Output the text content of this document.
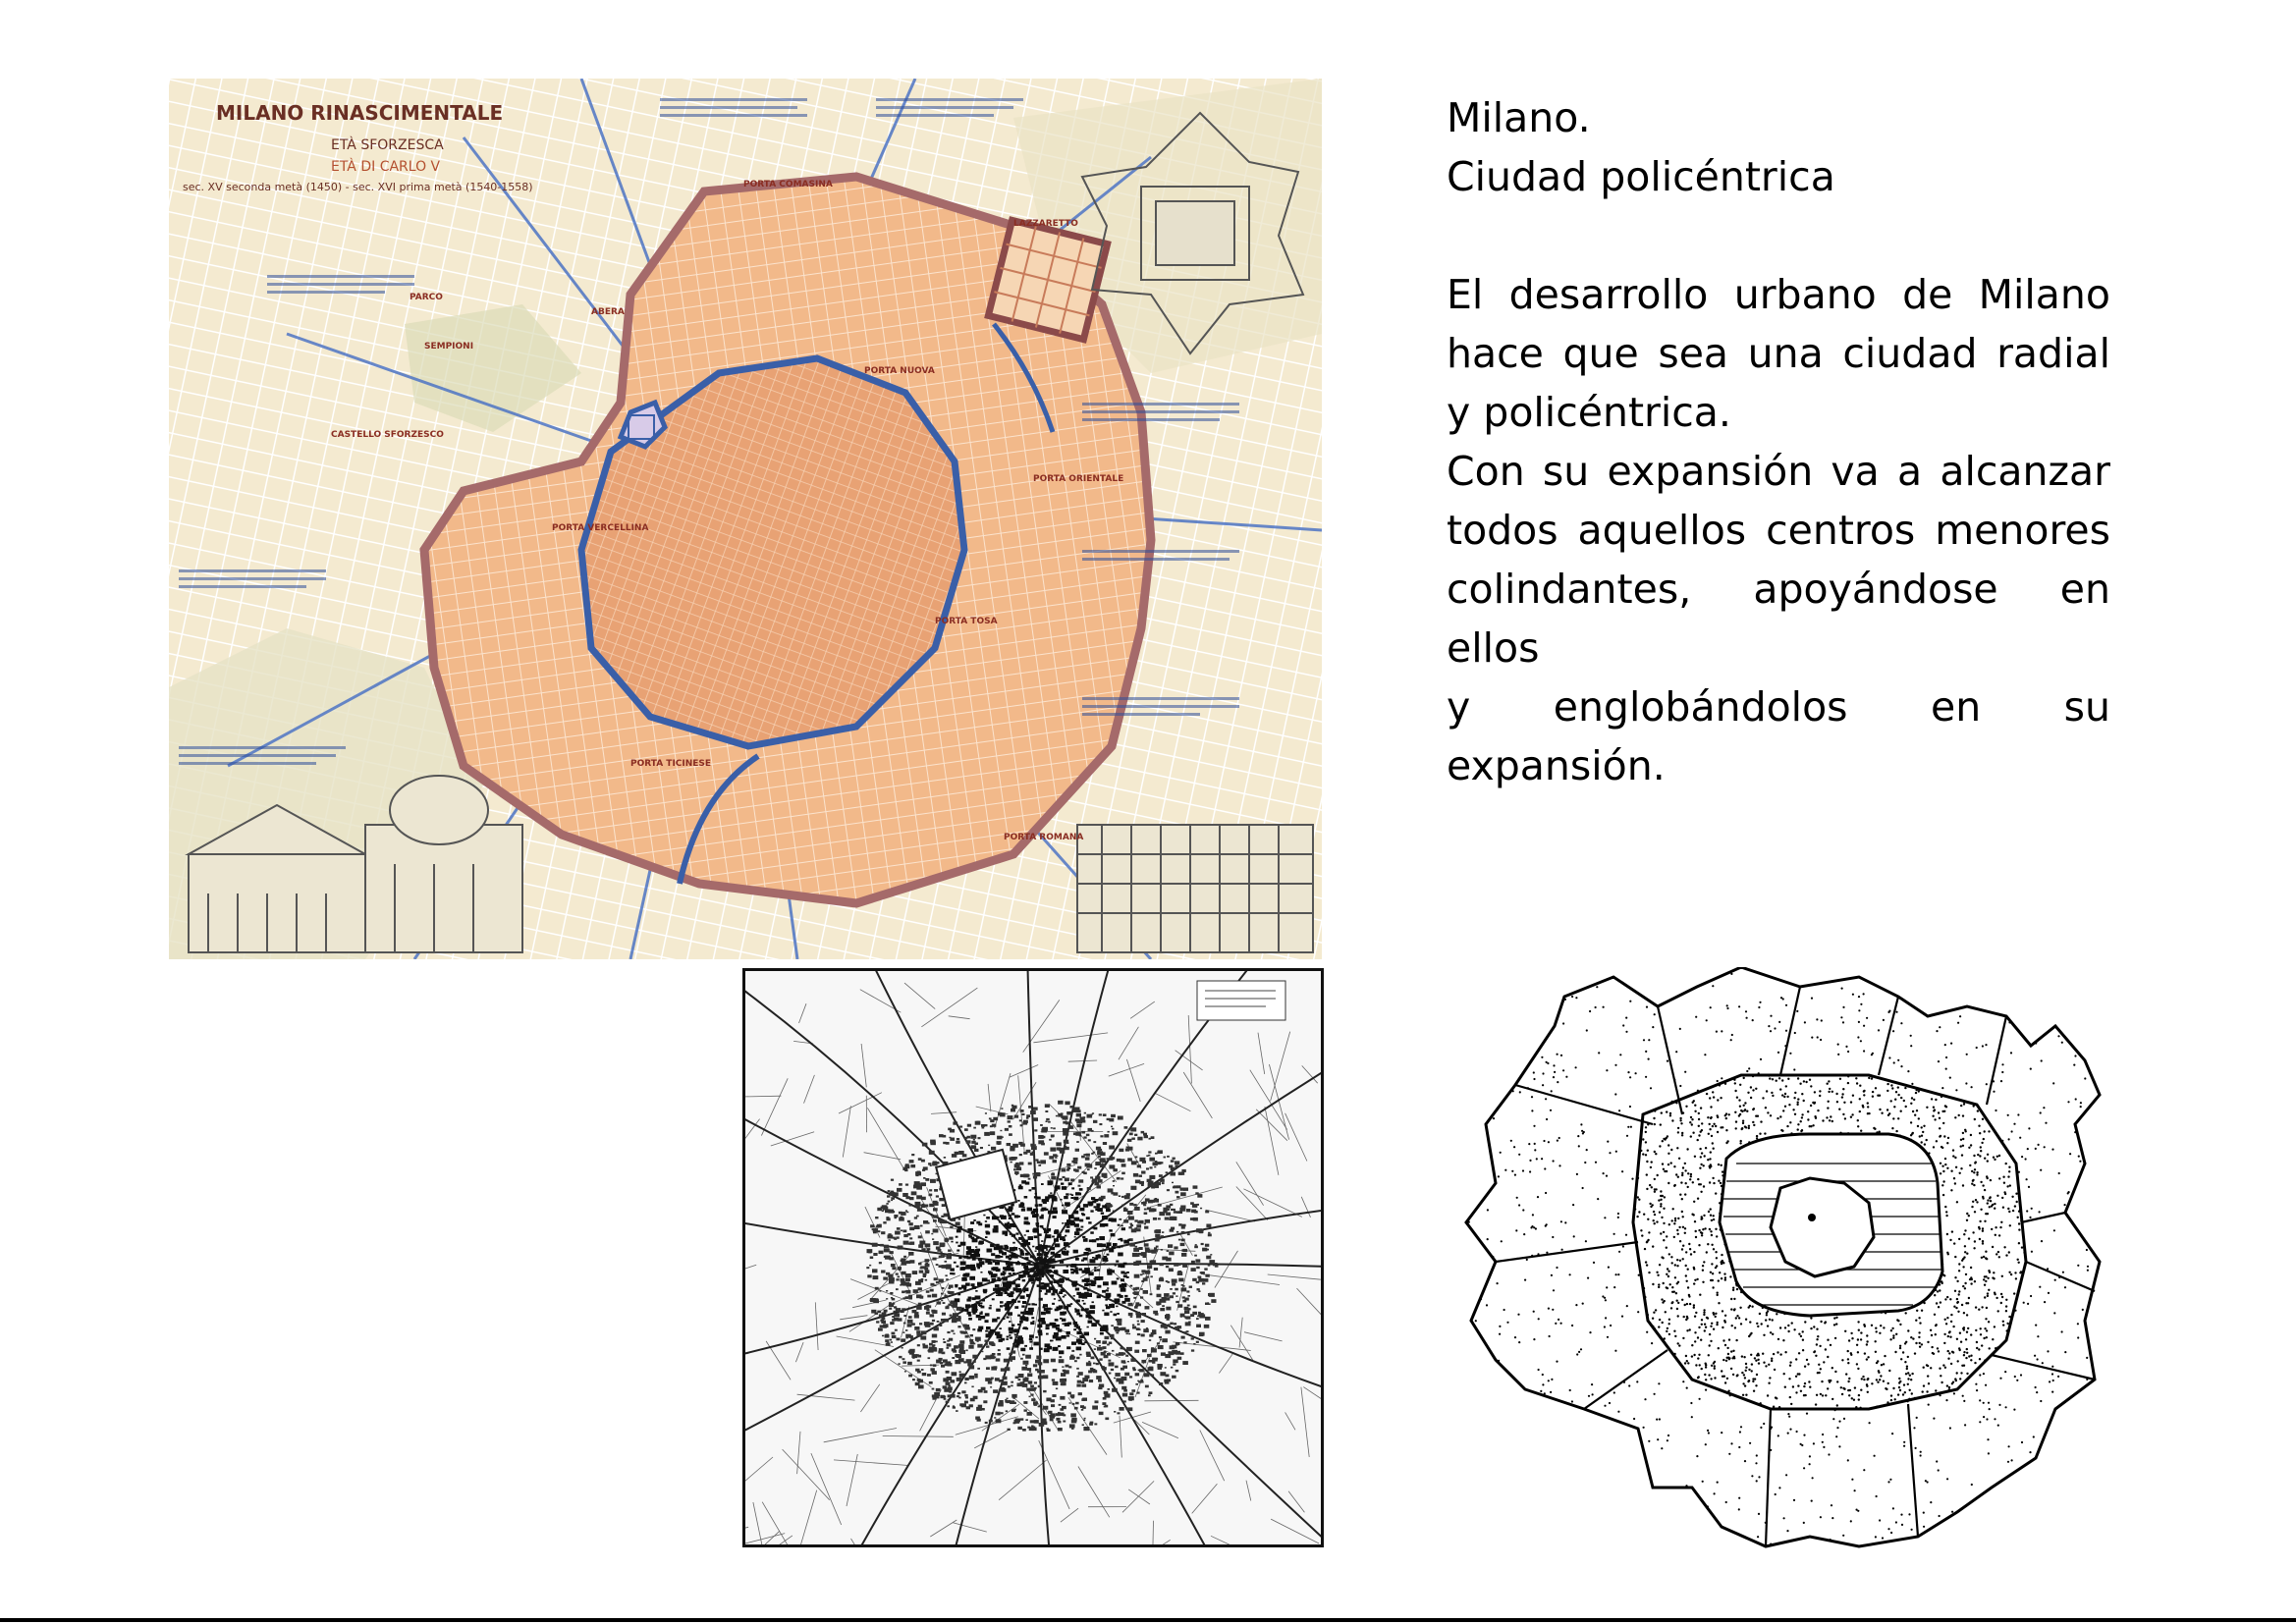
Milano.

Ciudad policéntrica

El desarrollo urbano de Milano hace que sea una ciudad radial y policéntrica.

Con su expansión va a alcanzar todos aquellos centros menores colindantes, apoyándose en ellos

y englobándolos en su

expansión.

MILANO RINASCIMENTALE
ETÀ SFORZESCA
ETÀ DI CARLO V
sec. XV seconda metà (1450) - sec. XVI prima metà (1540-1558)	PORTA COMASINA
PORTA NUOVA
PORTA ORIENTALE
PORTA TOSA
PORTA ROMANA
PORTA TICINESE
PORTA VERCELLINA
LAZZARETTO
CASTELLO SFORZESCO
SEMPIONI
PARCO
ABERA
